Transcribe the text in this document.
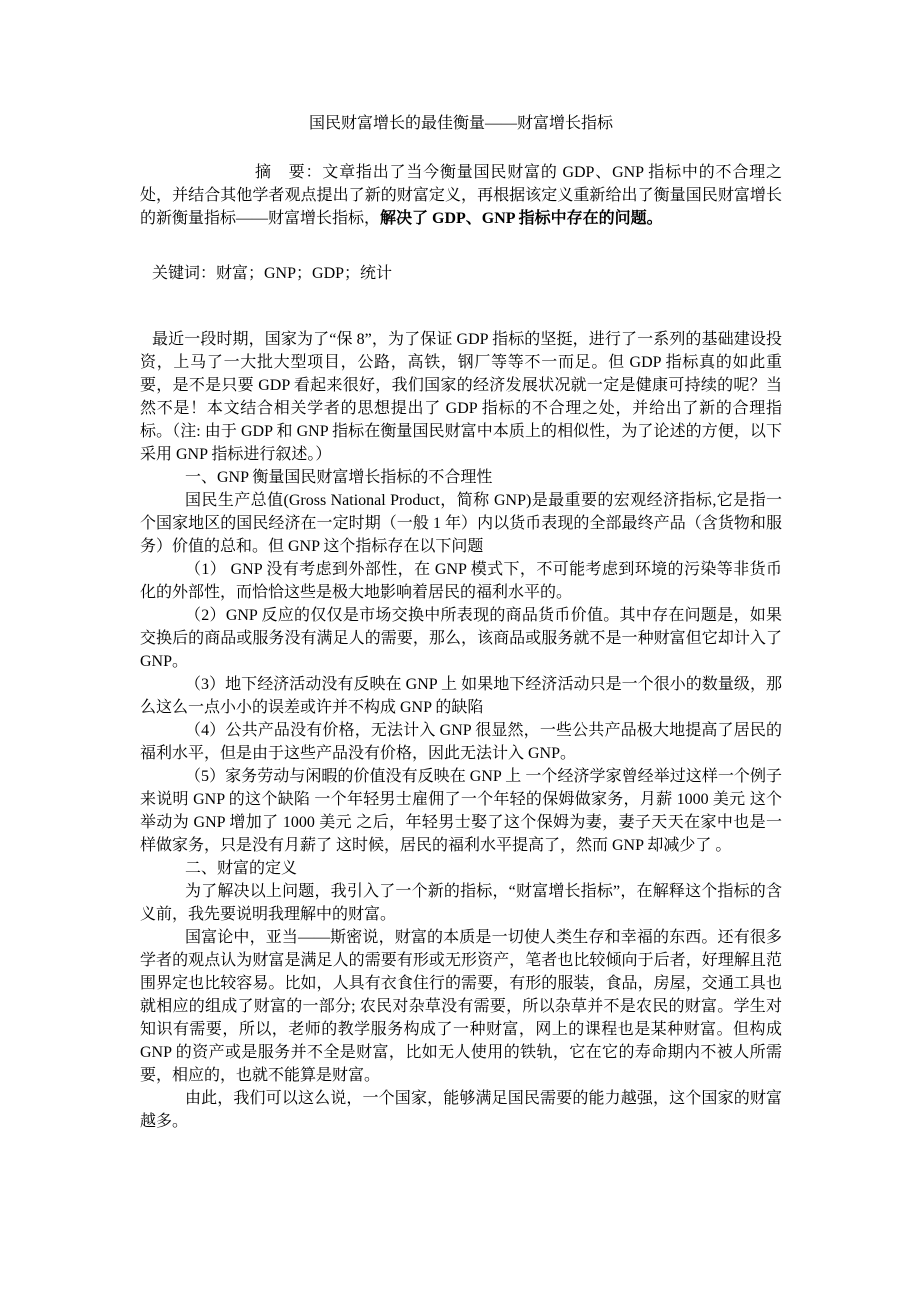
国民财富增长的最佳衡量——财富增长指标

摘　要：文章指出了当今衡量国民财富的 GDP、GNP 指标中的不合理之处，并结合其他学者观点提出了新的财富定义，再根据该定义重新给出了衡量国民财富增长的新衡量指标——财富增长指标，解决了 GDP、GNP 指标中存在的问题。

关键词：财富；GNP；GDP；统计

最近一段时期，国家为了“保 8”，为了保证 GDP 指标的坚挺，进行了一系列的基础建设投资，上马了一大批大型项目，公路，高铁，钢厂等等不一而足。但 GDP 指标真的如此重要，是不是只要 GDP 看起来很好，我们国家的经济发展状况就一定是健康可持续的呢？当然不是！本文结合相关学者的思想提出了 GDP 指标的不合理之处，并给出了新的合理指标。（注: 由于 GDP 和 GNP 指标在衡量国民财富中本质上的相似性，为了论述的方便，以下采用 GNP 指标进行叙述。）

一、GNP 衡量国民财富增长指标的不合理性

国民生产总值(Gross National Product，简称 GNP)是最重要的宏观经济指标,它是指一个国家地区的国民经济在一定时期（一般 1 年）内以货币表现的全部最终产品（含货物和服务）价值的总和。但 GNP 这个指标存在以下问题

（1） GNP 没有考虑到外部性，在 GNP 模式下，不可能考虑到环境的污染等非货币化的外部性，而恰恰这些是极大地影响着居民的福利水平的。

（2）GNP 反应的仅仅是市场交换中所表现的商品货币价值。其中存在问题是，如果交换后的商品或服务没有满足人的需要，那么，该商品或服务就不是一种财富但它却计入了 GNP。

（3）地下经济活动没有反映在 GNP 上 如果地下经济活动只是一个很小的数量级，那么这么一点小小的误差或许并不构成 GNP 的缺陷

（4）公共产品没有价格，无法计入 GNP 很显然，一些公共产品极大地提高了居民的福利水平，但是由于这些产品没有价格，因此无法计入 GNP。

（5）家务劳动与闲暇的价值没有反映在 GNP 上 一个经济学家曾经举过这样一个例子来说明 GNP 的这个缺陷 一个年轻男士雇佣了一个年轻的保姆做家务，月薪 1000 美元 这个举动为 GNP 增加了 1000 美元 之后，年轻男士娶了这个保姆为妻，妻子天天在家中也是一样做家务，只是没有月薪了 这时候，居民的福利水平提高了，然而 GNP 却减少了 。

二、财富的定义

为了解决以上问题，我引入了一个新的指标，“财富增长指标”，在解释这个指标的含义前，我先要说明我理解中的财富。

国富论中，亚当——斯密说，财富的本质是一切使人类生存和幸福的东西。还有很多学者的观点认为财富是满足人的需要有形或无形资产，笔者也比较倾向于后者，好理解且范围界定也比较容易。比如，人具有衣食住行的需要，有形的服装，食品，房屋，交通工具也就相应的组成了财富的一部分; 农民对杂草没有需要，所以杂草并不是农民的财富。学生对知识有需要，所以，老师的教学服务构成了一种财富，网上的课程也是某种财富。但构成 GNP 的资产或是服务并不全是财富，比如无人使用的铁轨，它在它的寿命期内不被人所需要，相应的，也就不能算是财富。

由此，我们可以这么说，一个国家，能够满足国民需要的能力越强，这个国家的财富越多。
